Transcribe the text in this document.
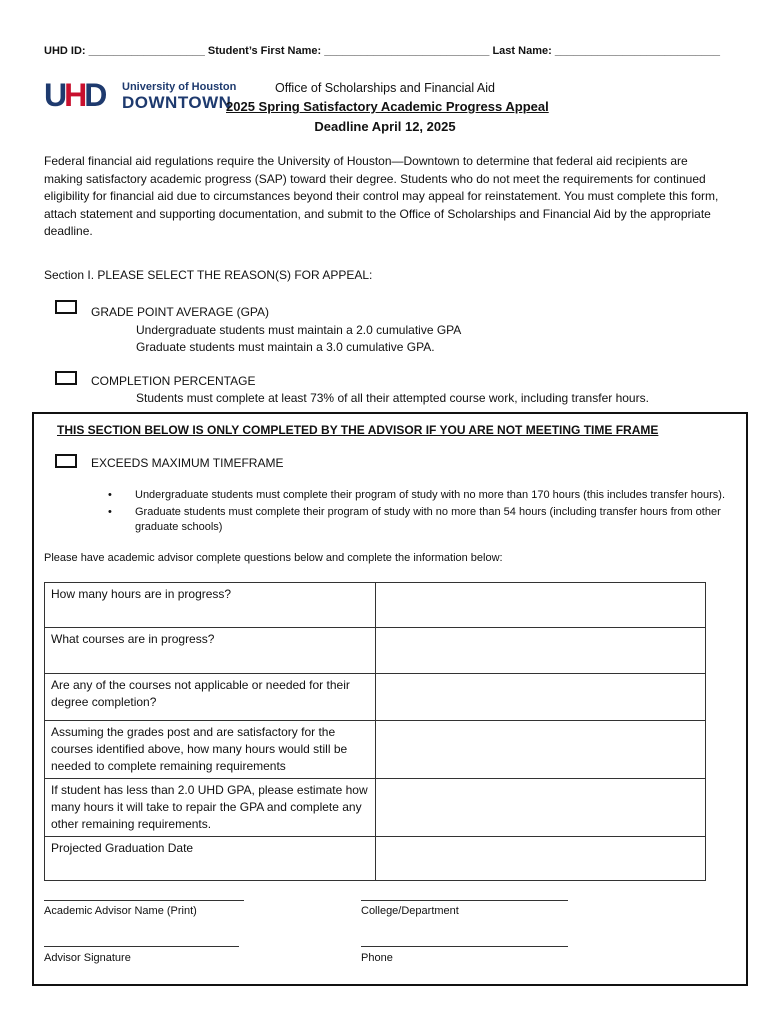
UHD ID: ___________________ Student’s First Name: ___________________________ Last Name: ___________________________
UHD University of Houston
DOWNTOWN
Office of Scholarships and Financial Aid
2025 Spring Satisfactory Academic Progress Appeal
Deadline April 12, 2025
Federal financial aid regulations require the University of Houston—Downtown to determine that federal aid recipients are making satisfactory academic progress (SAP) toward their degree. Students who do not meet the requirements for continued eligibility for financial aid due to circumstances beyond their control may appeal for reinstatement. You must complete this form, attach statement and supporting documentation, and submit to the Office of Scholarships and Financial Aid by the appropriate deadline.
Section I. PLEASE SELECT THE REASON(S) FOR APPEAL:
GRADE POINT AVERAGE (GPA)
Undergraduate students must maintain a 2.0 cumulative GPA
Graduate students must maintain a 3.0 cumulative GPA.
COMPLETION PERCENTAGE
Students must complete at least 73% of all their attempted course work, including transfer hours.
THIS SECTION BELOW IS ONLY COMPLETED BY THE ADVISOR IF YOU ARE NOT MEETING TIME FRAME
EXCEEDS MAXIMUM TIMEFRAME
• Undergraduate students must complete their program of study with no more than 170 hours (this includes transfer hours).
• Graduate students must complete their program of study with no more than 54 hours (including transfer hours from other graduate schools)
Please have academic advisor complete questions below and complete the information below:
How many hours are in progress?	
What courses are in progress?	
Are any of the courses not applicable or needed for their degree completion?	
Assuming the grades post and are satisfactory for the courses identified above, how many hours would still be needed to complete remaining requirements	
If student has less than 2.0 UHD GPA, please estimate how many hours it will take to repair the GPA and complete any other remaining requirements.	
Projected Graduation Date	
Academic Advisor Name (Print)	College/Department
Advisor Signature	Phone
